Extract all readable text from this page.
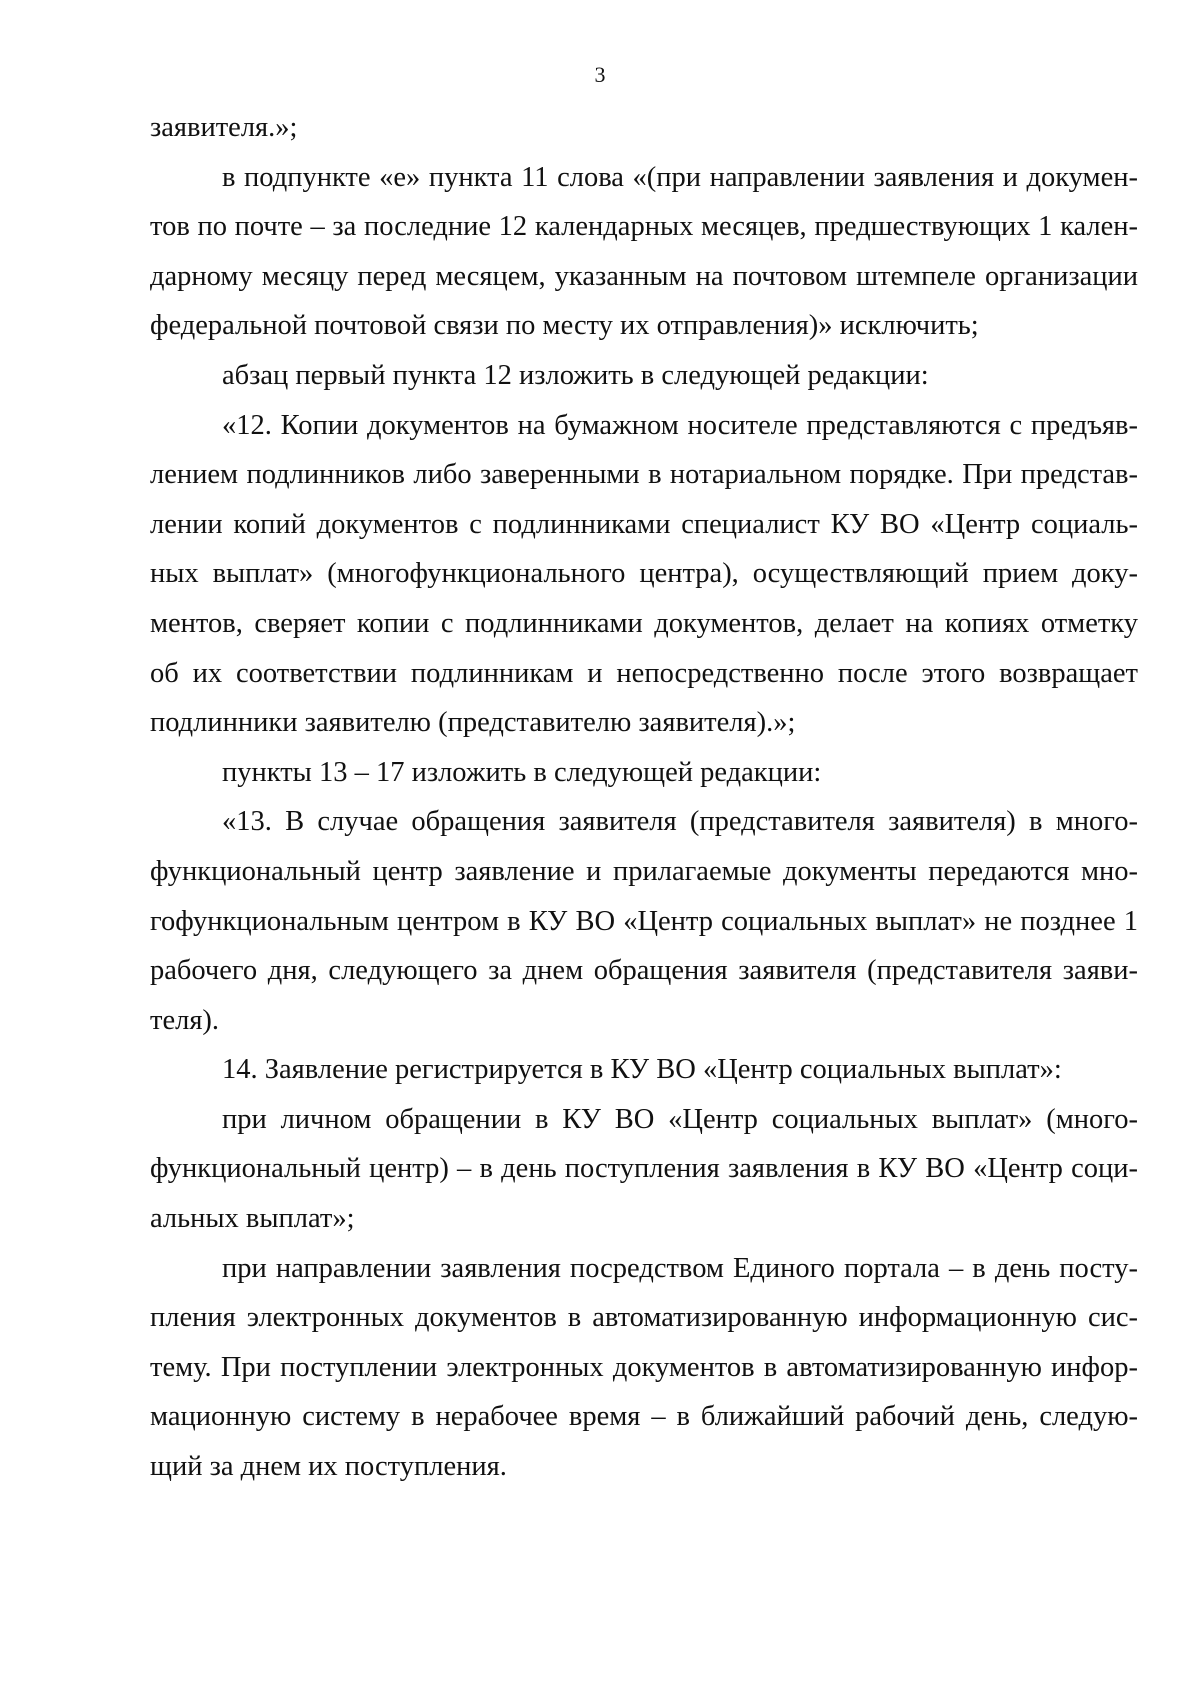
3
заявителя.»;
в подпункте «е» пункта 11 слова «(при направлении заявления и докумен-
тов по почте – за последние 12 календарных месяцев, предшествующих 1 кален-
дарному месяцу перед месяцем, указанным на почтовом штемпеле организации
федеральной почтовой связи по месту их отправления)» исключить;
абзац первый пункта 12 изложить в следующей редакции:
«12. Копии документов на бумажном носителе представляются с предъяв-
лением подлинников либо заверенными в нотариальном порядке. При представ-
лении копий документов с подлинниками специалист КУ ВО «Центр социаль-
ных выплат» (многофункционального центра), осуществляющий прием доку-
ментов, сверяет копии с подлинниками документов, делает на копиях отметку
об их соответствии подлинникам и непосредственно после этого возвращает
подлинники заявителю (представителю заявителя).»;
пункты 13 – 17 изложить в следующей редакции:
«13. В случае обращения заявителя (представителя заявителя) в много-
функциональный центр заявление и прилагаемые документы передаются мно-
гофункциональным центром в КУ ВО «Центр социальных выплат» не позднее 1
рабочего дня, следующего за днем обращения заявителя (представителя заяви-
теля).
14. Заявление регистрируется в КУ ВО «Центр социальных выплат»:
при личном обращении в КУ ВО «Центр социальных выплат» (много-
функциональный центр) – в день поступления заявления в КУ ВО «Центр соци-
альных выплат»;
при направлении заявления посредством Единого портала – в день посту-
пления электронных документов в автоматизированную информационную сис-
тему. При поступлении электронных документов в автоматизированную инфор-
мационную систему в нерабочее время – в ближайший рабочий день, следую-
щий за днем их поступления.
